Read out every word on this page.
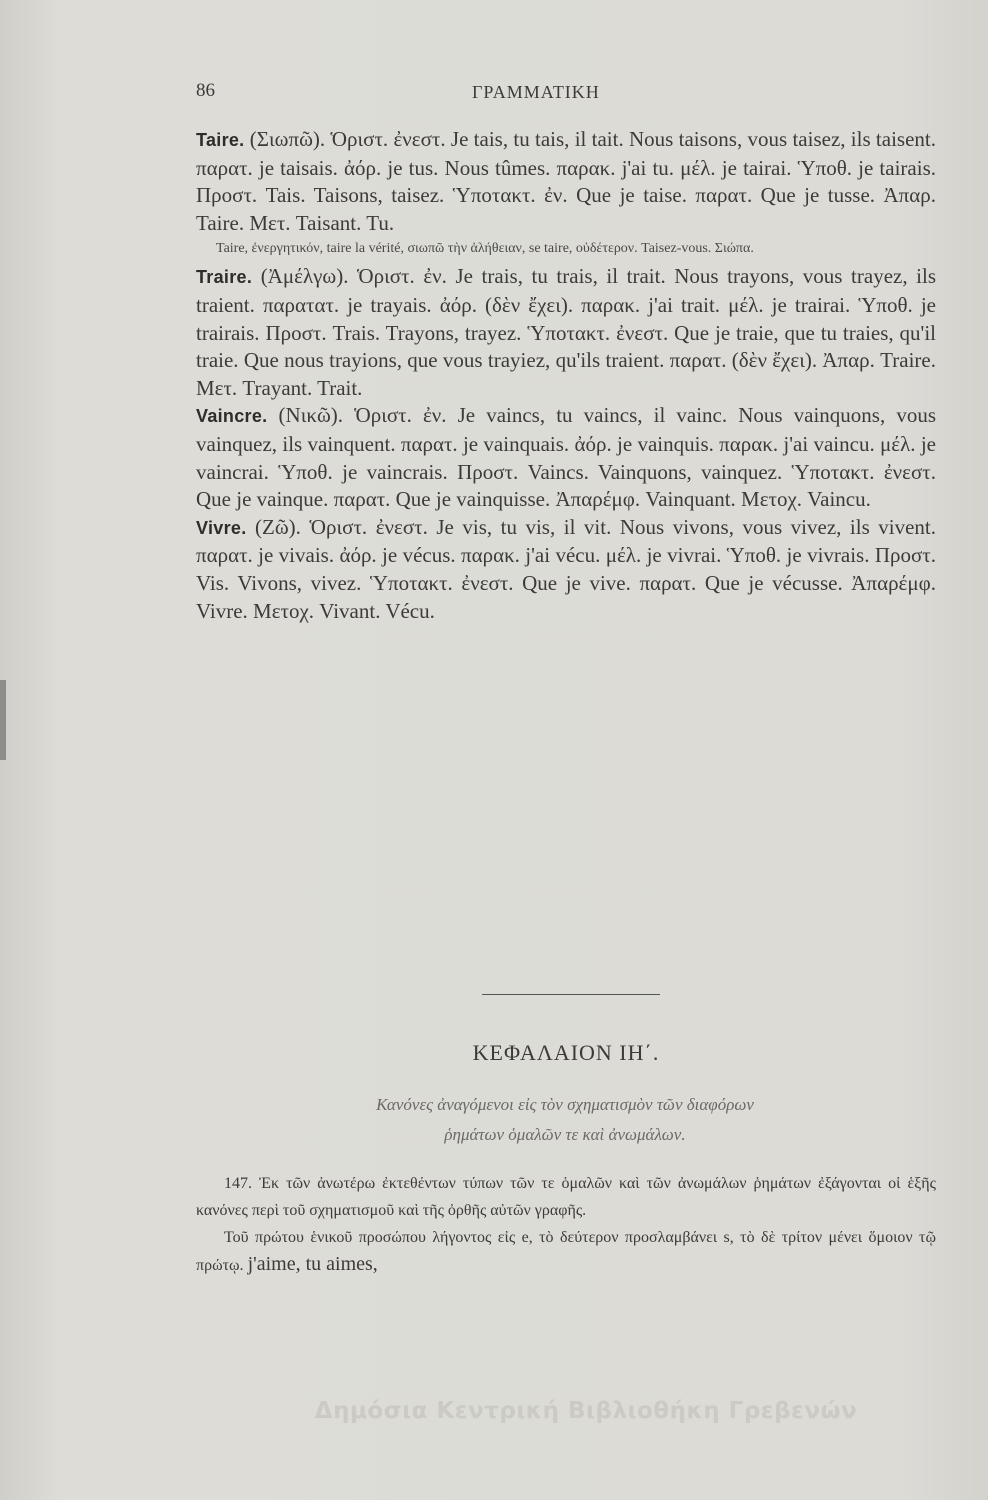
86	ΓΡΑΜΜΑΤΙΚΗ

Taire. (Σιωπῶ). Ὁριστ. ἐνεστ. Je tais, tu tais, il tait. Nous taisons, vous taisez, ils taisent. παρατ. je taisais. ἀόρ. je tus. Nous tûmes. παρακ. j'ai tu. μέλ. je tairai. Ὑποθ. je tairais. Προστ. Tais. Taisons, taisez. Ὑποτακτ. ἐν. Que je taise. παρατ. Que je tusse. Ἀπαρ. Taire. Μετ. Taisant. Tu.

Taire, ἐνεργητικόν, taire la vérité, σιωπῶ τὴν ἀλήθειαν, se taire, οὐδέτερον. Taisez-vous. Σιώπα.

Traire. (Ἀμέλγω). Ὁριστ. ἐν. Je trais, tu trais, il trait. Nous trayons, vous trayez, ils traient. παρατατ. je trayais. ἀόρ. (δὲν ἔχει). παρακ. j'ai trait. μέλ. je trairai. Ὑποθ. je trairais. Προστ. Trais. Trayons, trayez. Ὑποτακτ. ἐνεστ. Que je traie, que tu traies, qu'il traie. Que nous trayions, que vous trayiez, qu'ils traient. παρατ. (δὲν ἔχει). Ἀπαρ. Traire. Μετ. Trayant. Trait.

Vaincre. (Νικῶ). Ὁριστ. ἐν. Je vaincs, tu vaincs, il vainc. Nous vainquons, vous vainquez, ils vainquent. παρατ. je vainquais. ἀόρ. je vainquis. παρακ. j'ai vaincu. μέλ. je vaincrai. Ὑποθ. je vaincrais. Προστ. Vaincs. Vainquons, vainquez. Ὑποτακτ. ἐνεστ. Que je vainque. παρατ. Que je vainquisse. Ἀπαρέμφ. Vainquant. Μετοχ. Vaincu.

Vivre. (Ζῶ). Ὁριστ. ἐνεστ. Je vis, tu vis, il vit. Nous vivons, vous vivez, ils vivent. παρατ. je vivais. ἀόρ. je vécus. παρακ. j'ai vécu. μέλ. je vivrai. Ὑποθ. je vivrais. Προστ. Vis. Vivons, vivez. Ὑποτακτ. ἐνεστ. Que je vive. παρατ. Que je vécusse. Ἀπαρέμφ. Vivre. Μετοχ. Vivant. Vécu.

ΚΕΦΑΛΑΙΟΝ ΙΗ΄.
Κανόνες ἀναγόμενοι εἰς τὸν σχηματισμὸν τῶν διαφόρων
ῥημάτων ὁμαλῶν τε καὶ ἀνωμάλων.

147. Ἐκ τῶν ἀνωτέρω ἐκτεθέντων τύπων τῶν τε ὁμαλῶν καὶ τῶν ἀνωμάλων ῥημάτων ἐξάγονται οἱ ἑξῆς κανόνες περὶ τοῦ σχηματισμοῦ καὶ τῆς ὀρθῆς αὐτῶν γραφῆς.

Τοῦ πρώτου ἑνικοῦ προσώπου λήγοντος εἰς e, τὸ δεύτερον προσλαμβάνει s, τὸ δὲ τρίτον μένει ὅμοιον τῷ πρώτῳ. j'aime, tu aimes,

Δημόσια Κεντρική Βιβλιοθήκη Γρεβενών
